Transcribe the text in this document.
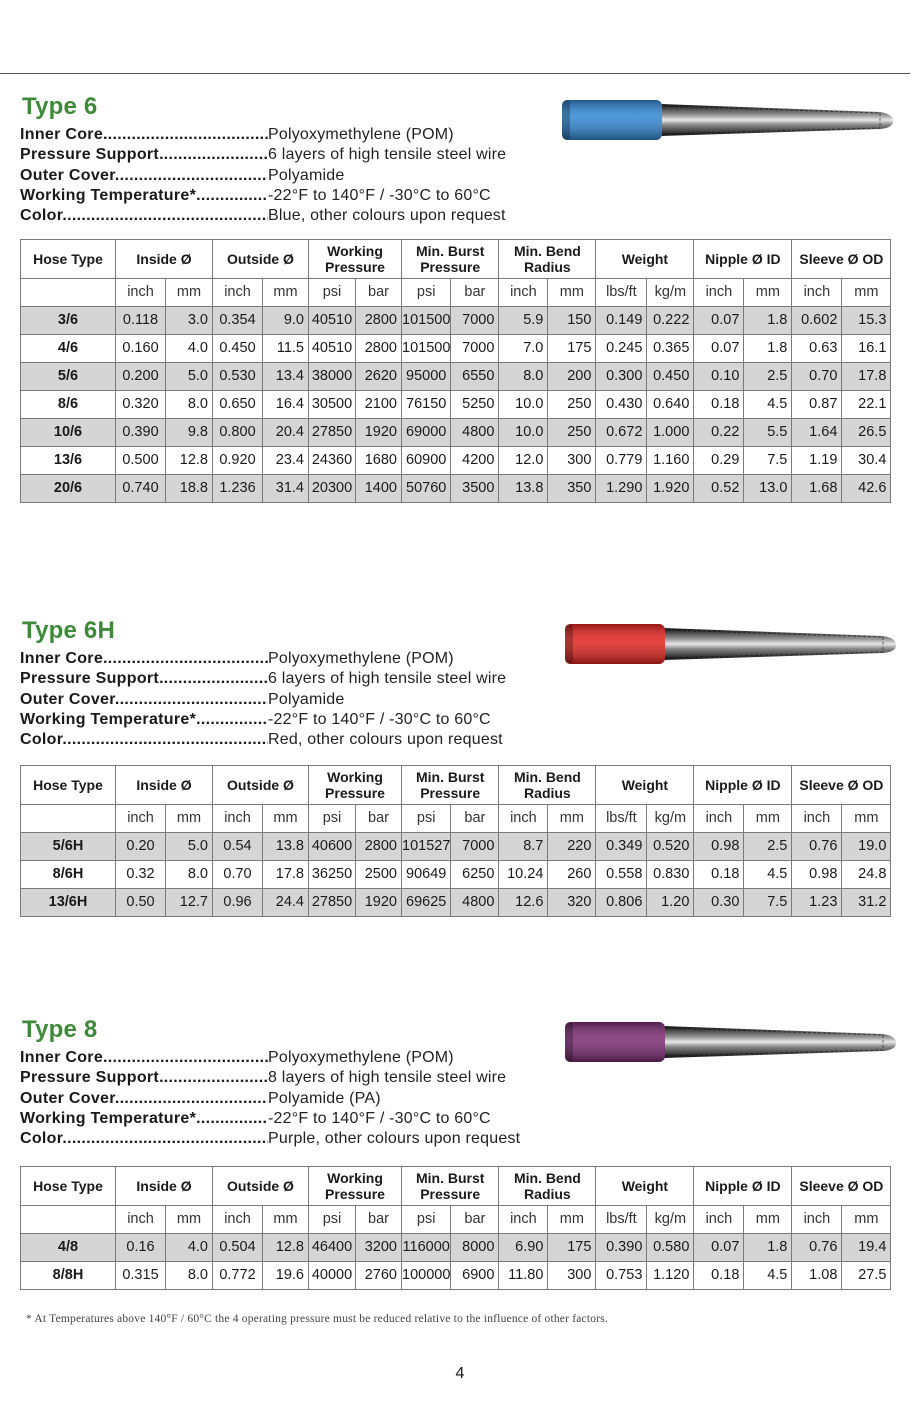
Type 6
Inner Core .....	Polyoxymethylene (POM)
Pressure Support .....	6 layers of high tensile steel wire
Outer Cover .....	Polyamide
Working Temperature* .....	-22°F to 140°F / -30°C to 60°C
Color .....	Blue, other colours upon request
Hose Type	Inside Ø		Outside Ø		Working Pressure		Min. Burst Pressure		Min. Bend Radius		Weight		Nipple Ø ID		Sleeve Ø OD	
	inch	mm	inch	mm	psi	bar	psi	bar	inch	mm	lbs/ft	kg/m	inch	mm	inch	mm
3/6	0.118	3.0	0.354	9.0	40510	2800	101500	7000	5.9	150	0.149	0.222	0.07	1.8	0.602	15.3
4/6	0.160	4.0	0.450	11.5	40510	2800	101500	7000	7.0	175	0.245	0.365	0.07	1.8	0.63	16.1
5/6	0.200	5.0	0.530	13.4	38000	2620	95000	6550	8.0	200	0.300	0.450	0.10	2.5	0.70	17.8
8/6	0.320	8.0	0.650	16.4	30500	2100	76150	5250	10.0	250	0.430	0.640	0.18	4.5	0.87	22.1
10/6	0.390	9.8	0.800	20.4	27850	1920	69000	4800	10.0	250	0.672	1.000	0.22	5.5	1.64	26.5
13/6	0.500	12.8	0.920	23.4	24360	1680	60900	4200	12.0	300	0.779	1.160	0.29	7.5	1.19	30.4
20/6	0.740	18.8	1.236	31.4	20300	1400	50760	3500	13.8	350	1.290	1.920	0.52	13.0	1.68	42.6
Type 6H
Inner Core .....	Polyoxymethylene (POM)
Pressure Support .....	6 layers of high tensile steel wire
Outer Cover .....	Polyamide
Working Temperature* .....	-22°F to 140°F / -30°C to 60°C
Color .....	Red, other colours upon request
Hose Type	Inside Ø		Outside Ø		Working Pressure		Min. Burst Pressure		Min. Bend Radius		Weight		Nipple Ø ID		Sleeve Ø OD	
	inch	mm	inch	mm	psi	bar	psi	bar	inch	mm	lbs/ft	kg/m	inch	mm	inch	mm
5/6H	0.20	5.0	0.54	13.8	40600	2800	101527	7000	8.7	220	0.349	0.520	0.98	2.5	0.76	19.0
8/6H	0.32	8.0	0.70	17.8	36250	2500	90649	6250	10.24	260	0.558	0.830	0.18	4.5	0.98	24.8
13/6H	0.50	12.7	0.96	24.4	27850	1920	69625	4800	12.6	320	0.806	1.20	0.30	7.5	1.23	31.2
Type 8
Inner Core .....	Polyoxymethylene (POM)
Pressure Support .....	8 layers of high tensile steel wire
Outer Cover .....	Polyamide (PA)
Working Temperature* .....	-22°F to 140°F / -30°C to 60°C
Color .....	Purple, other colours upon request
Hose Type	Inside Ø		Outside Ø		Working Pressure		Min. Burst Pressure		Min. Bend Radius		Weight		Nipple Ø ID		Sleeve Ø OD	
	inch	mm	inch	mm	psi	bar	psi	bar	inch	mm	lbs/ft	kg/m	inch	mm	inch	mm
4/8	0.16	4.0	0.504	12.8	46400	3200	116000	8000	6.90	175	0.390	0.580	0.07	1.8	0.76	19.4
8/8H	0.315	8.0	0.772	19.6	40000	2760	100000	6900	11.80	300	0.753	1.120	0.18	4.5	1.08	27.5
* At Temperatures above 140°F / 60°C the 4 operating pressure must be reduced relative to the influence of other factors.
4
